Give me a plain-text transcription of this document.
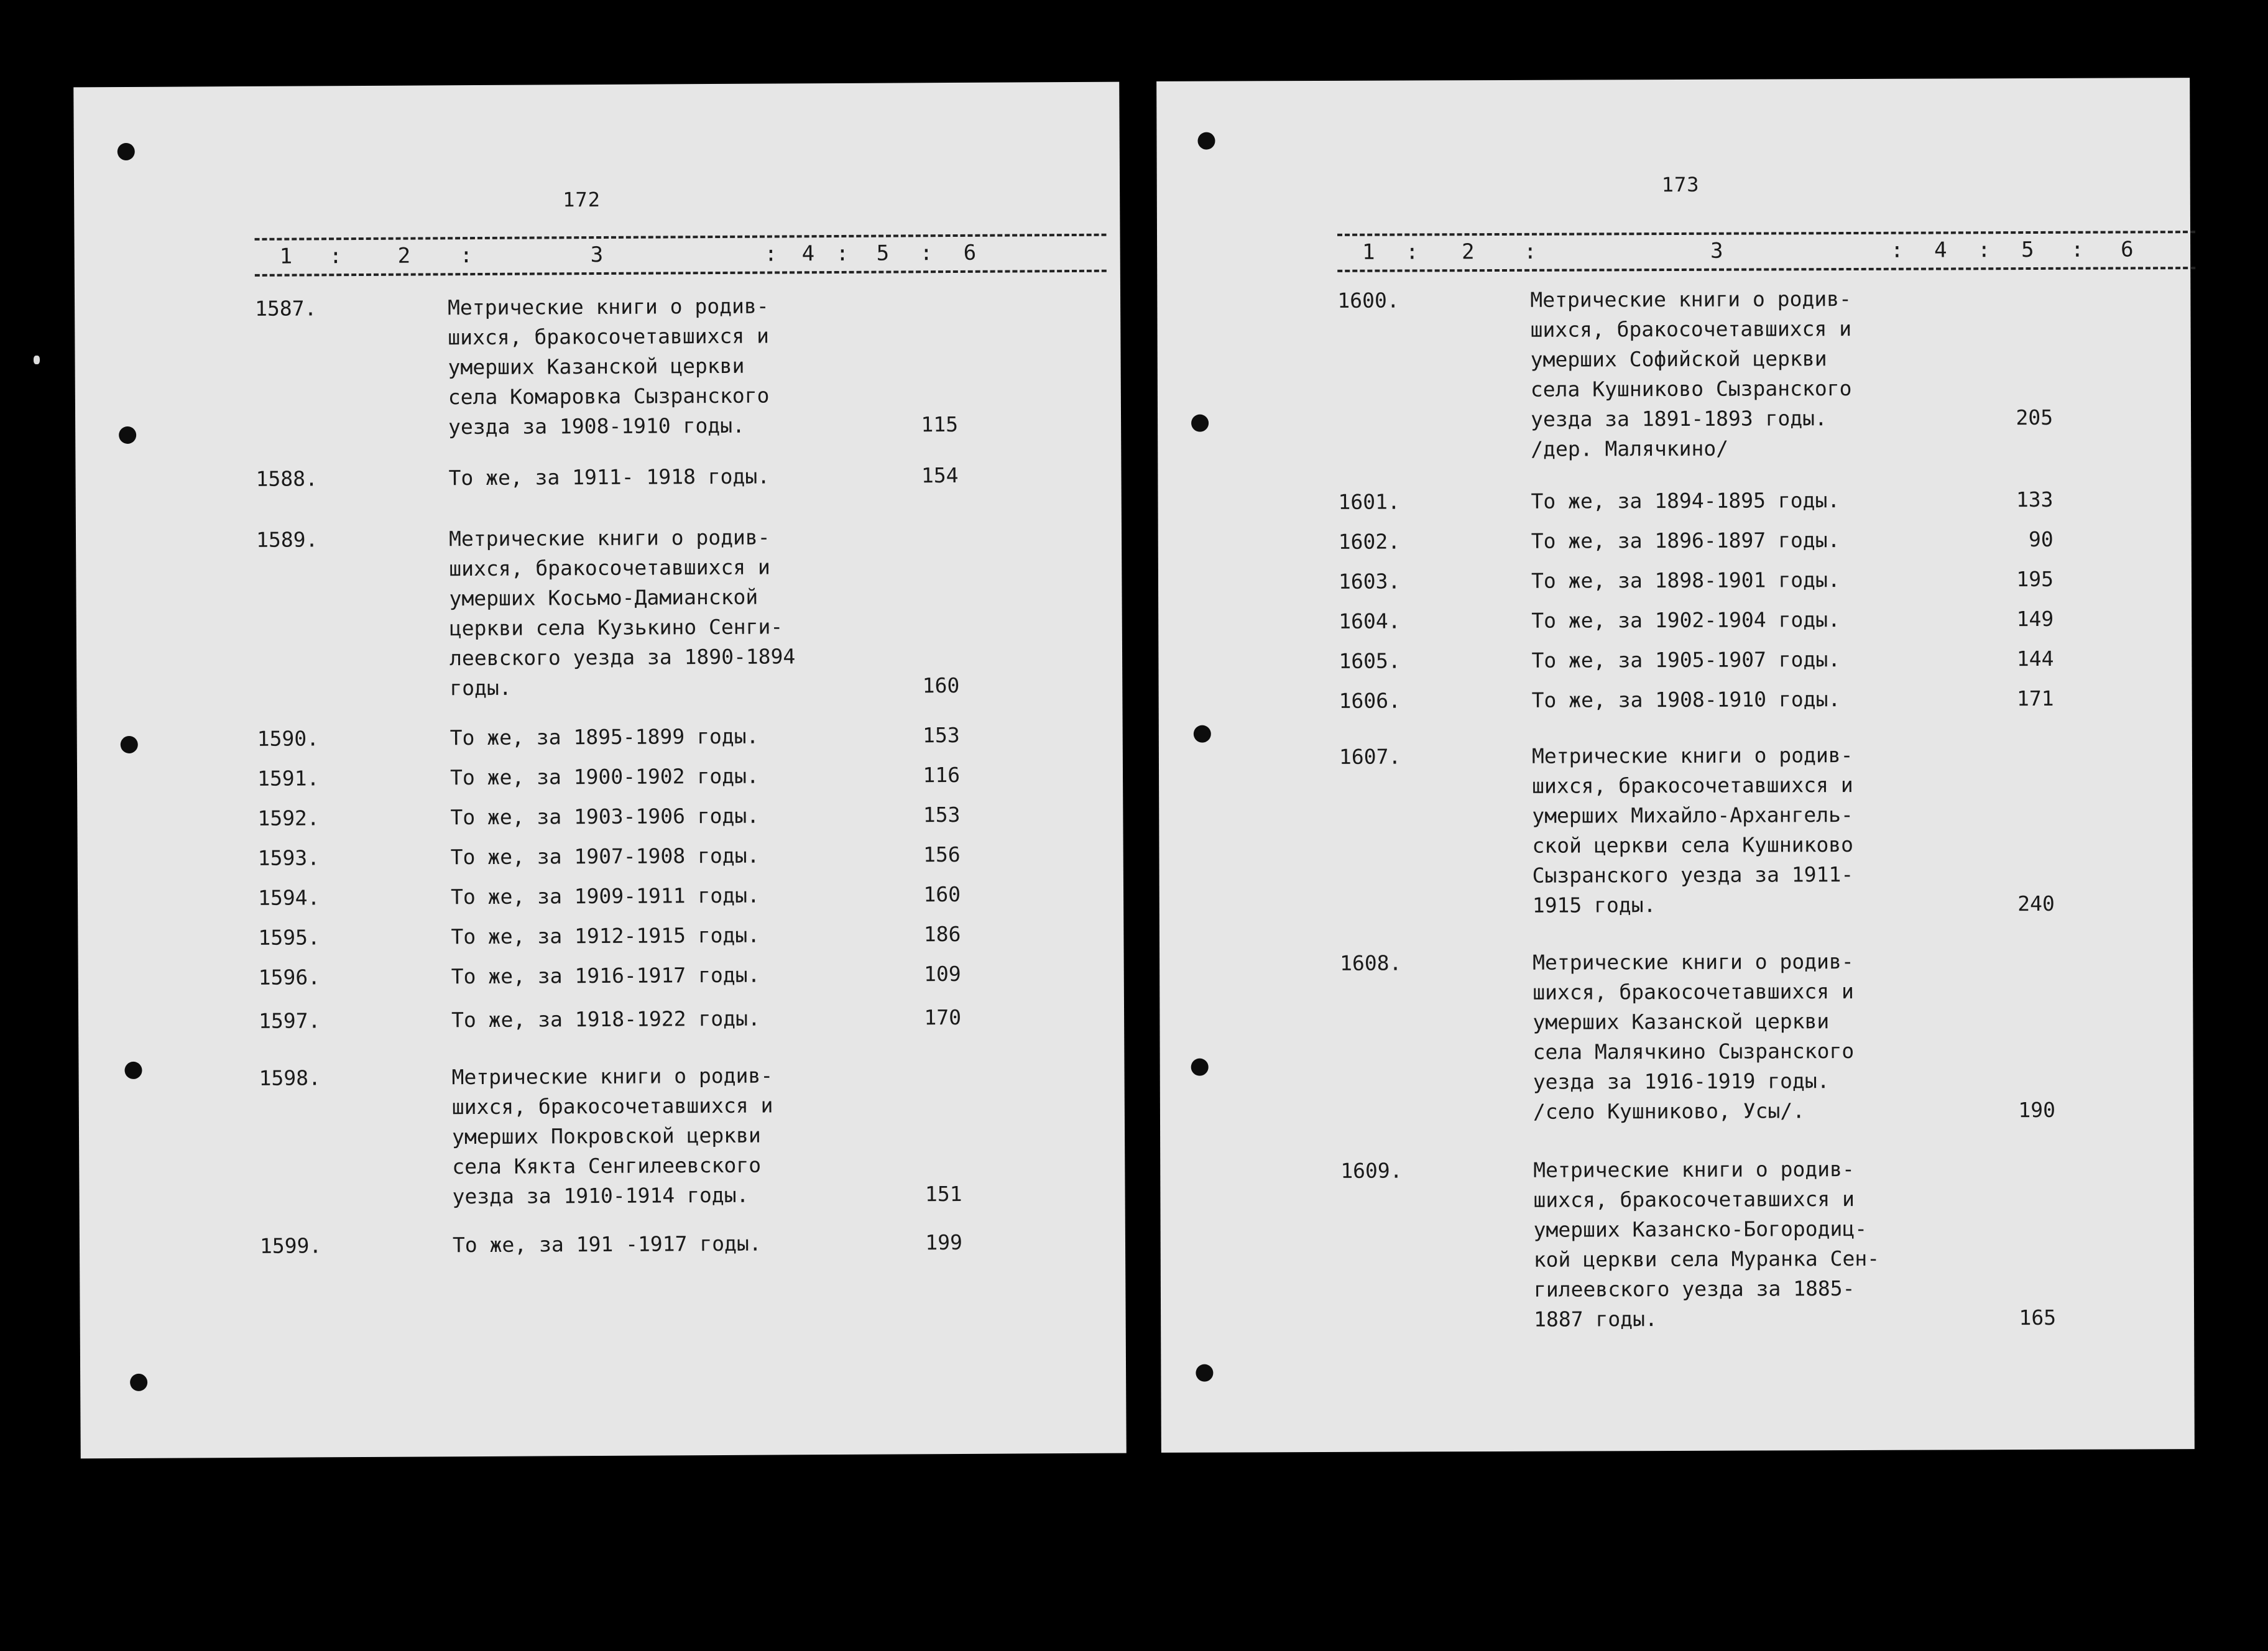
172
1 :	2 :	3	: 4 : 5 : 6
1587.	Метрические книги о родив-
шихся, бракосочетавшихся и
умерших Казанской церкви
села Комаровка Сызранского
уезда за 1908-1910 годы.	115
1588.	То же, за 1911- 1918 годы.	154
1589.	Метрические книги о родив-
шихся, бракосочетавшихся и
умерших Косьмо-Дамианской
церкви села Кузькино Сенги-
леевского уезда за 1890-1894
годы.	160
1590.	То же, за 1895-1899 годы.	153
1591.	То же, за 1900-1902 годы.	116
1592.	То же, за 1903-1906 годы.	153
1593.	То же, за 1907-1908 годы.	156
1594.	То же, за 1909-1911 годы.	160
1595.	То же, за 1912-1915 годы.	186
1596.	То же, за 1916-1917 годы.	109
1597.	То же, за 1918-1922 годы.	170
1598.	Метрические книги о родив-
шихся, бракосочетавшихся и
умерших Покровской церкви
села Кякта Сенгилеевского
уезда за 1910-1914 годы.	151
1599.	То же, за 191 -1917 годы.	199
173
1 : 2 :	3	: 4 : 5 : 6
1600.	Метрические книги о родив-
шихся, бракосочетавшихся и
умерших Софийской церкви
села Кушниково Сызранского
уезда за 1891-1893 годы.
/дер. Малячкино/
205
1601.	То же, за 1894-1895 годы.	133
1602.	То же, за 1896-1897 годы.	90
1603.	То же, за 1898-1901 годы.	195
1604.	То же, за 1902-1904 годы.	149
1605.	То же, за 1905-1907 годы.	144
1606.	То же, за 1908-1910 годы.	171
1607.	Метрические книги о родив-
шихся, бракосочетавшихся и
умерших Михайло-Архангель-
ской церкви села Кушниково
Сызранского уезда за 1911-
1915 годы.	240
1608.	Метрические книги о родив-
шихся, бракосочетавшихся и
умерших Казанской церкви
села Малячкино Сызранского
уезда за 1916-1919 годы.
/село Кушниково, Усы/.	190
1609.	Метрические книги о родив-
шихся, бракосочетавшихся и
умерших Казанско-Богородиц-
кой церкви села Муранка Сен-
гилеевского уезда за 1885-
1887 годы.	165
